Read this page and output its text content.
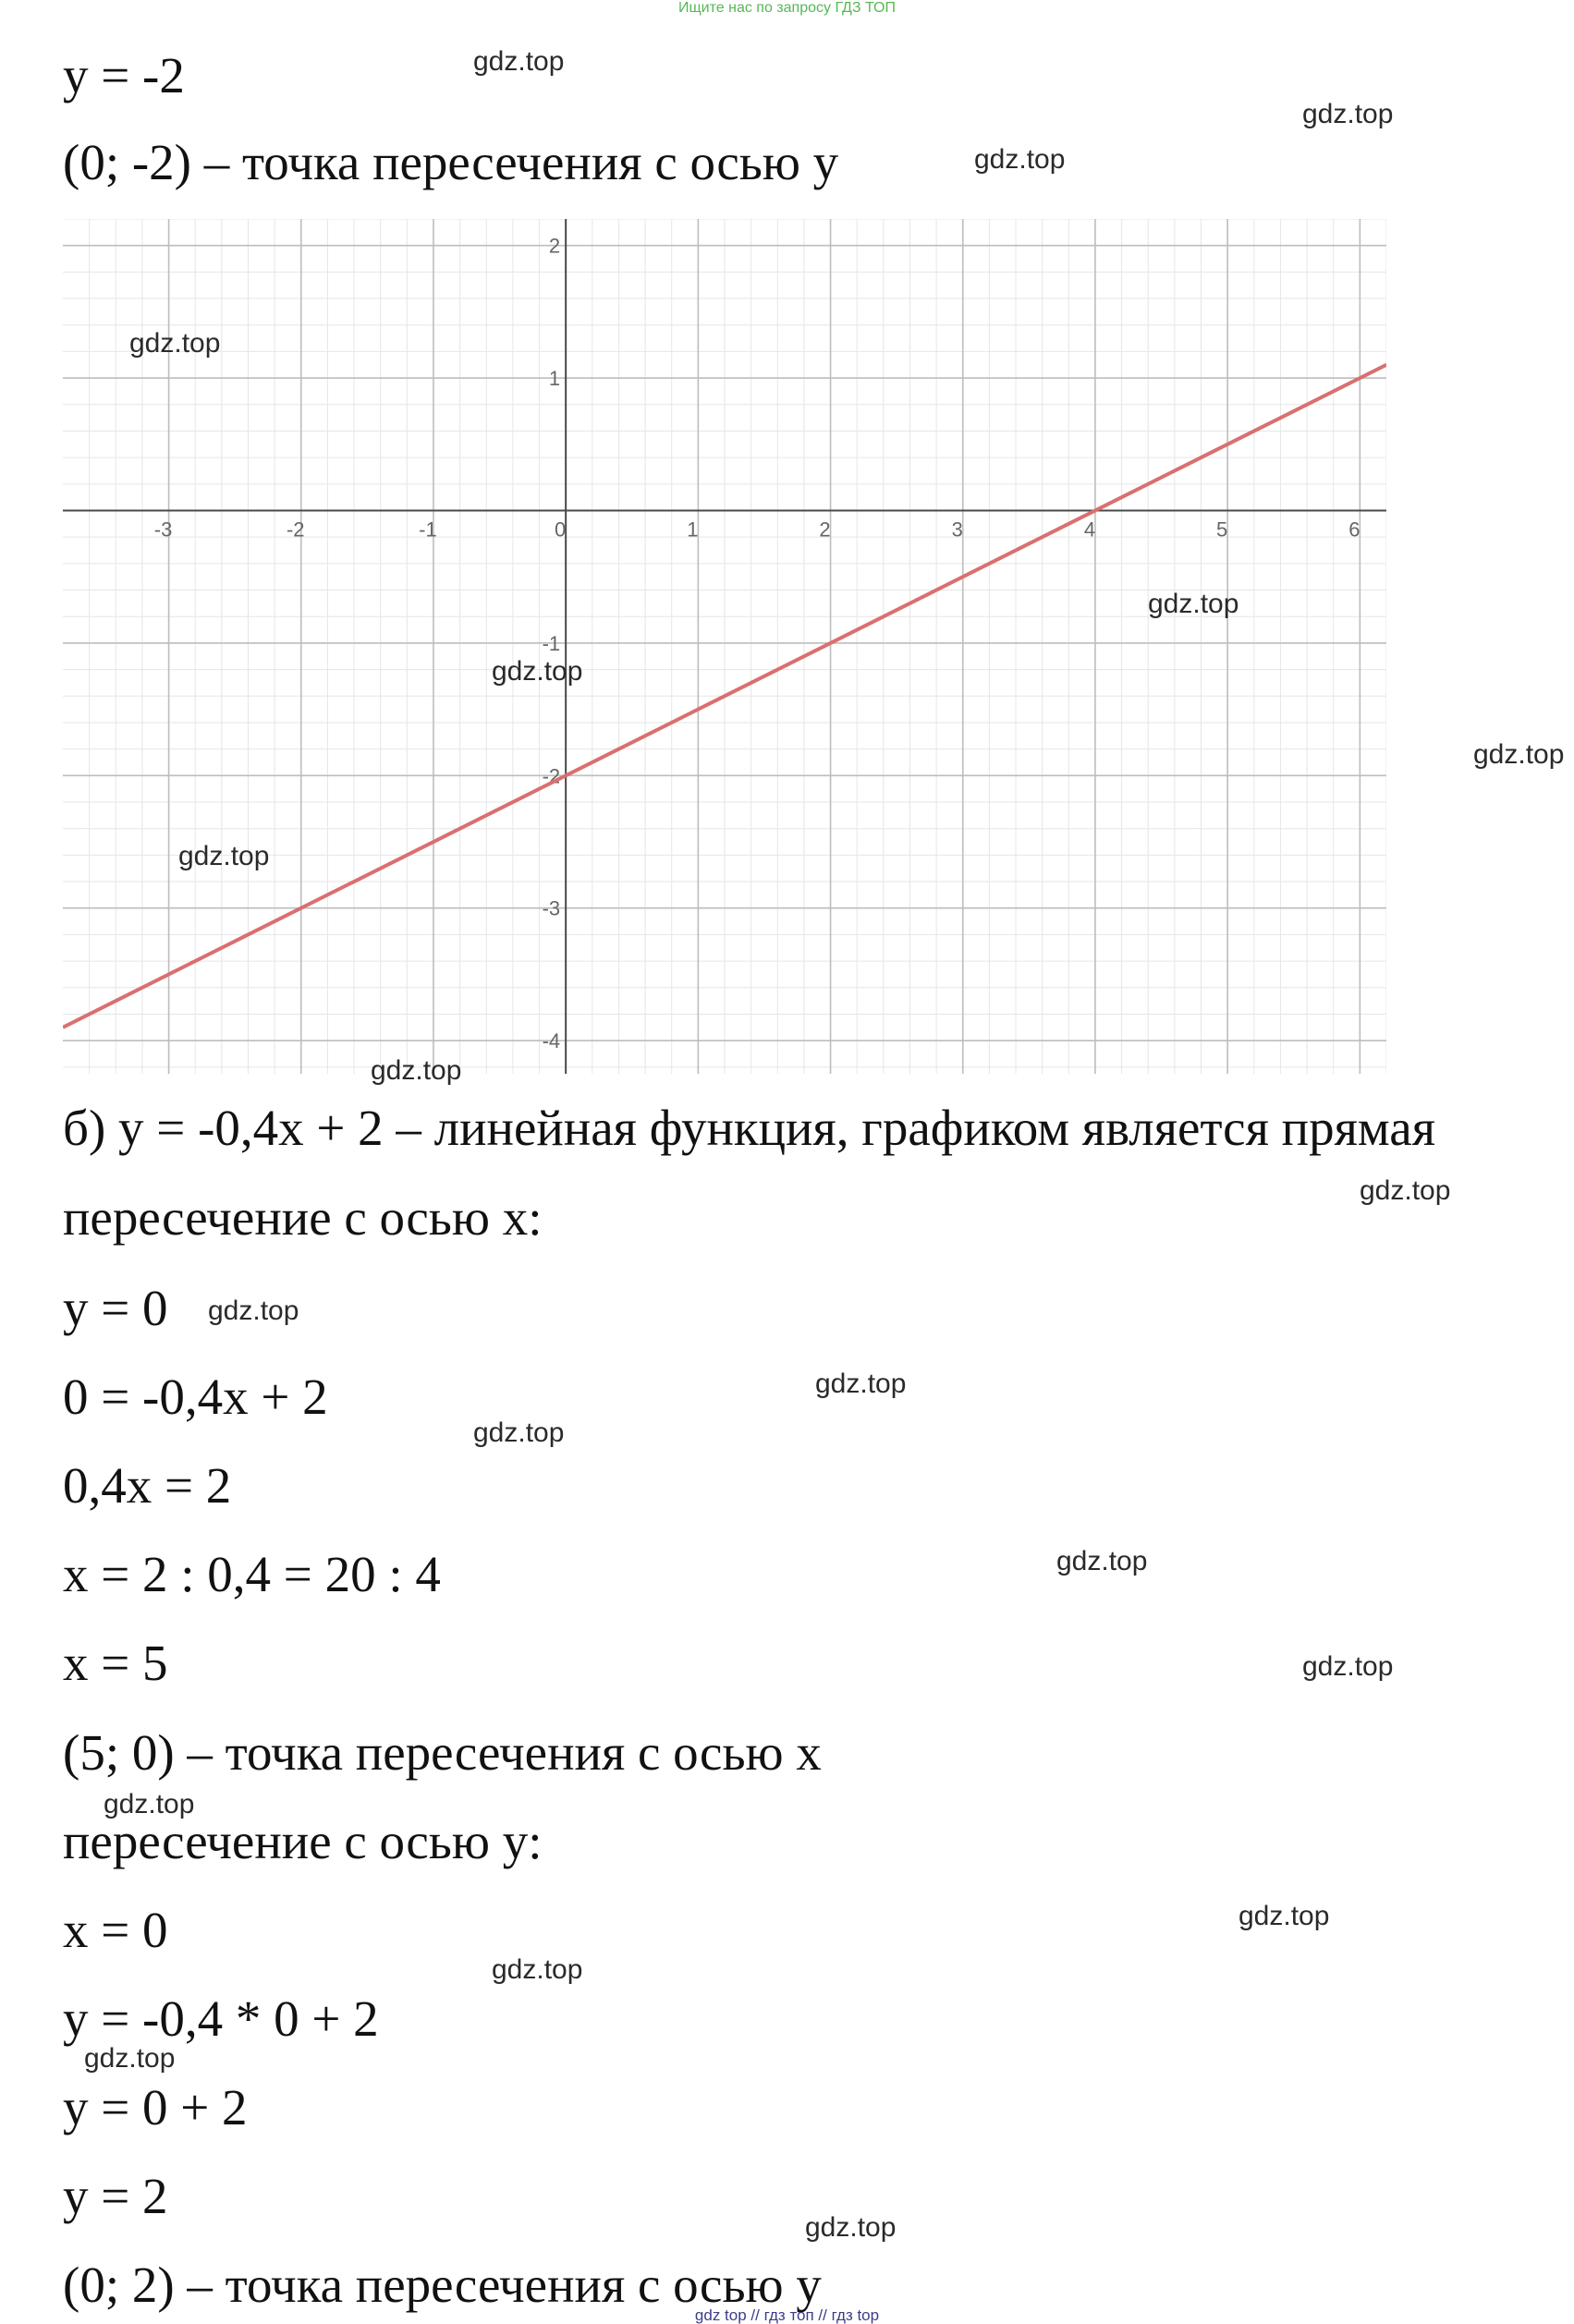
Ищите нас по запросу ГДЗ ТОП
y = -2
(0; -2) – точка пересечения с осью y
-3	-2	-1	0	1	2	3	4	5	6
2
1
-1
-2
-3
-4
б) y = -0,4x + 2 – линейная функция, графиком является прямая
пересечение с осью x:
y = 0
0 = -0,4x + 2
0,4x = 2
x = 2 : 0,4 = 20 : 4
x = 5
(5; 0) – точка пересечения с осью x
пересечение с осью y:
x = 0
y = -0,4 * 0 + 2
y = 0 + 2
y = 2
(0; 2) – точка пересечения с осью y
gdz.top
gdz.top
gdz.top
gdz.top
gdz.top
gdz.top
gdz.top
gdz.top
gdz.top
gdz.top
gdz.top
gdz.top
gdz.top
gdz.top
gdz.top
gdz.top
gdz.top
gdz.top
gdz.top
gdz.top
gdz top // гдз топ // гдз top
